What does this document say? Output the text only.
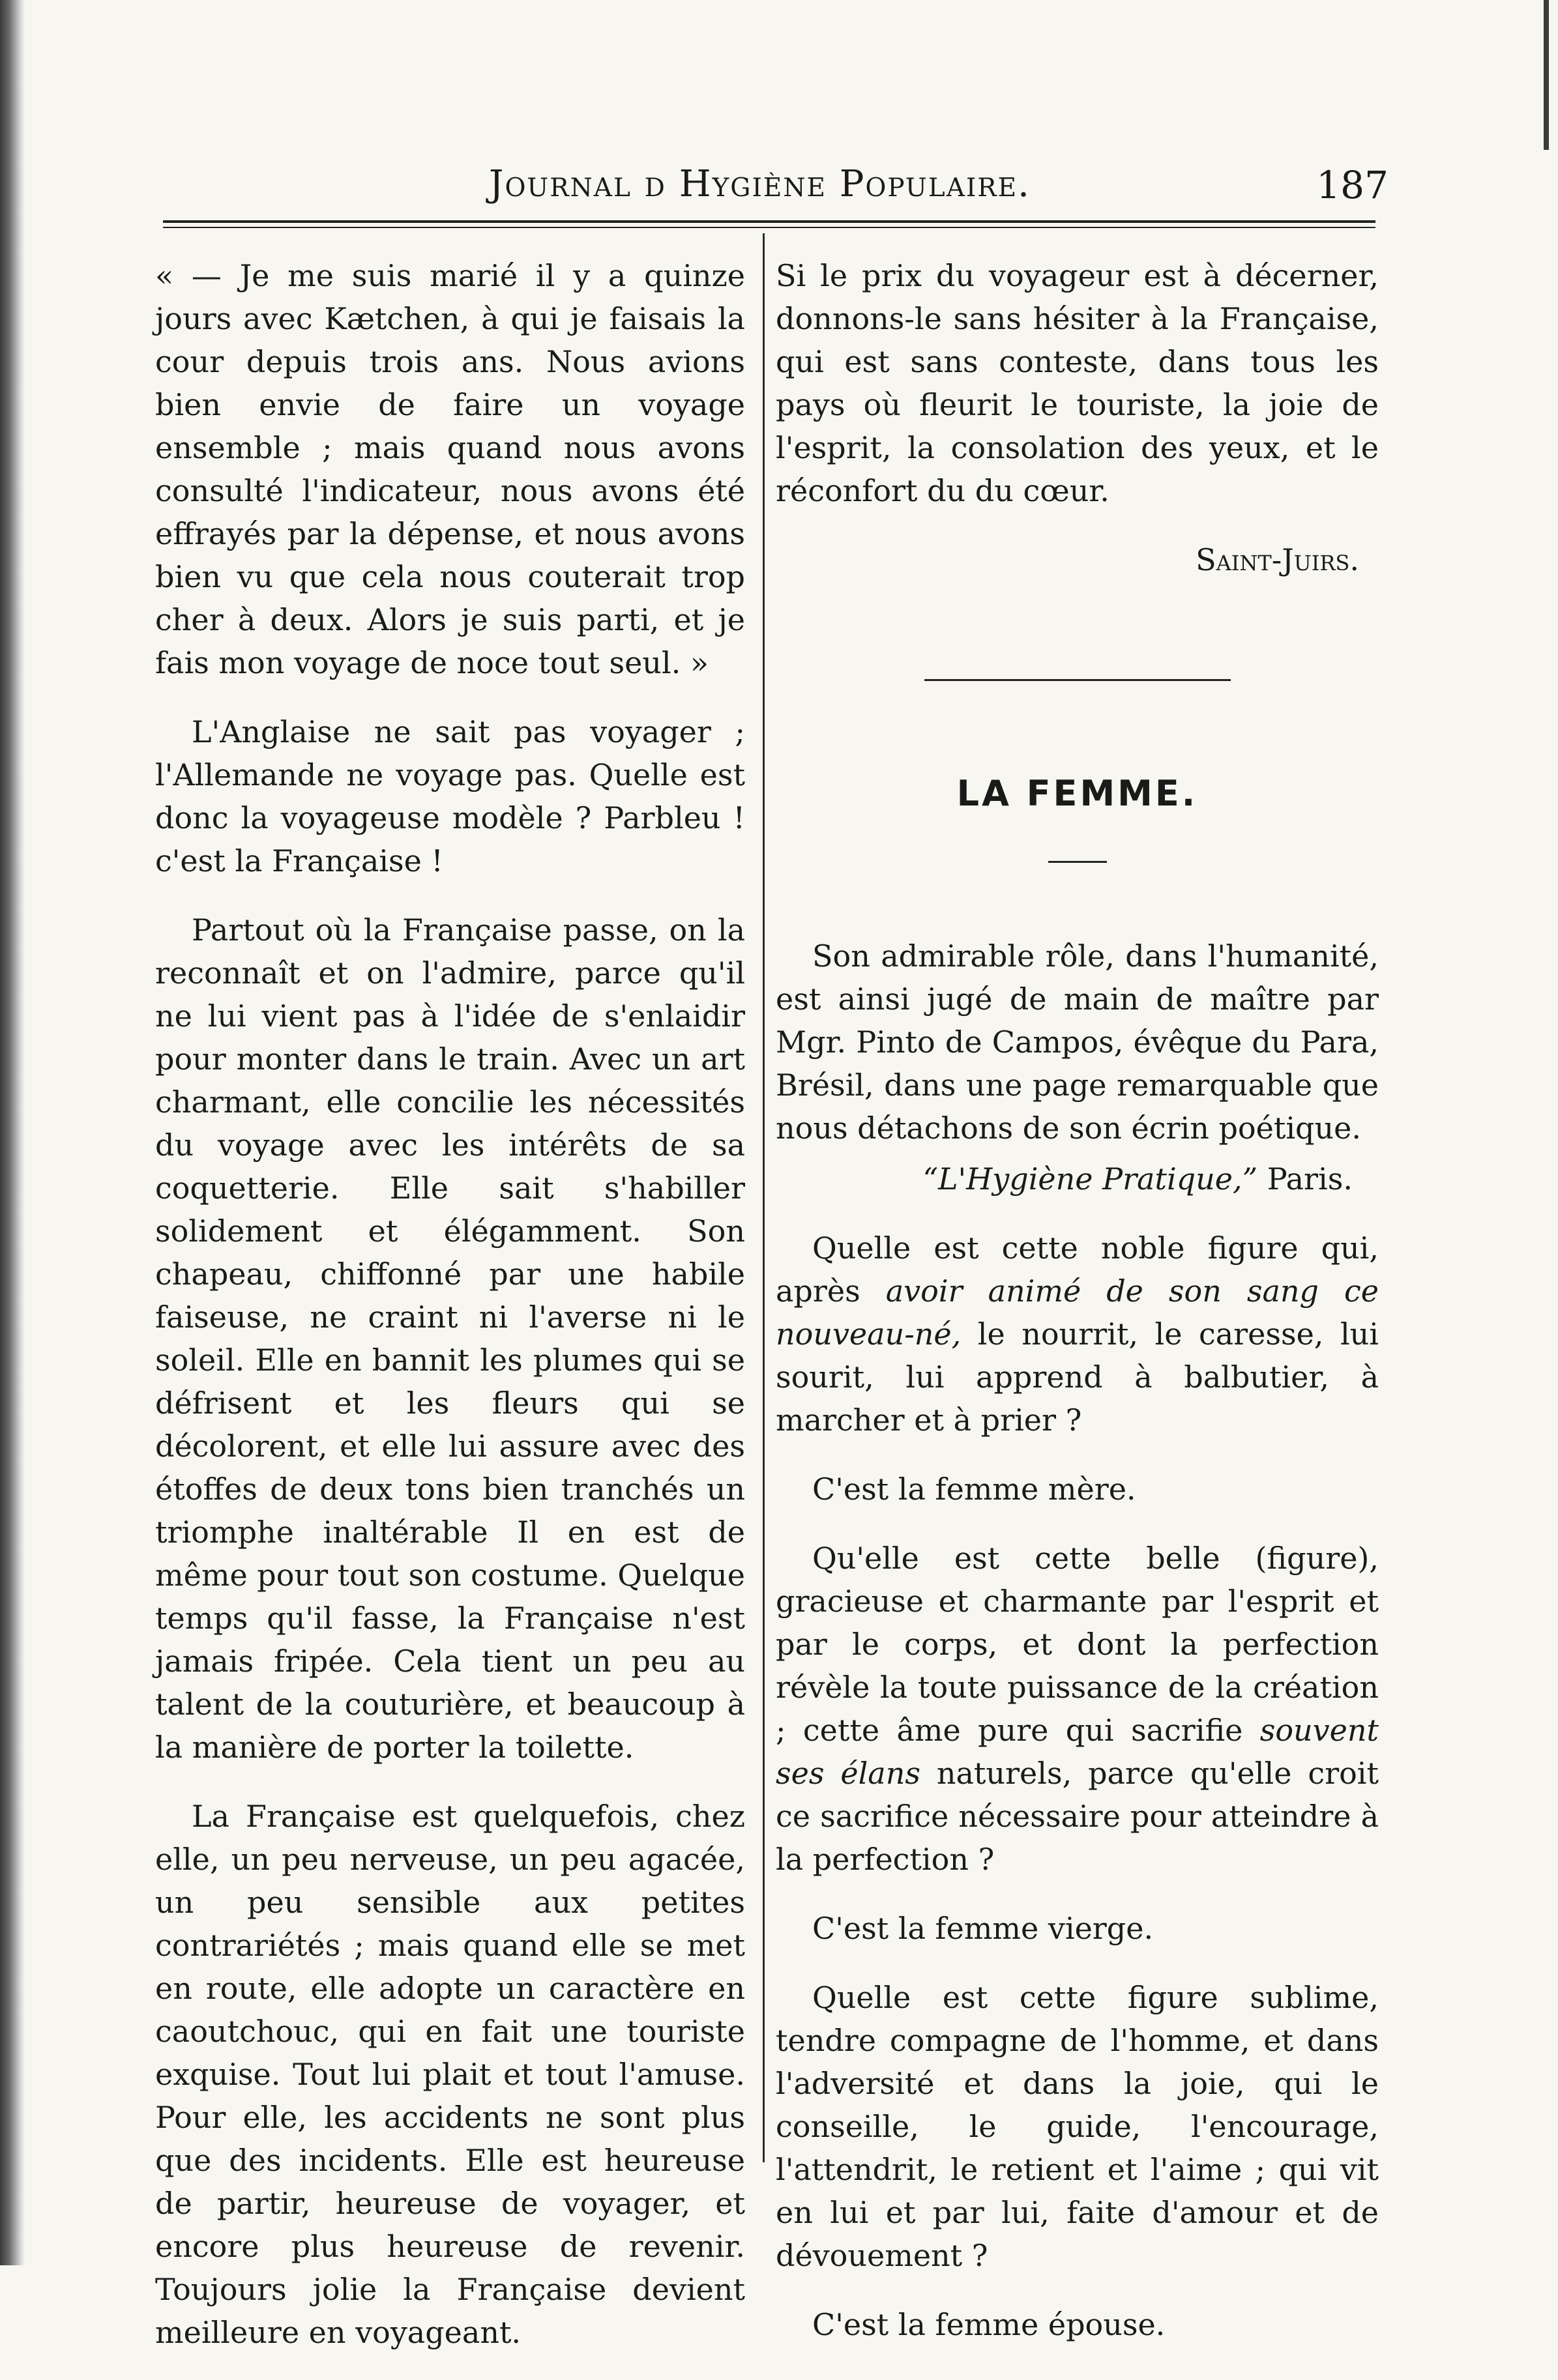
Journal d Hygiène Populaire.	187

« — Je me suis marié il y a quinze jours avec Kætchen, à qui je faisais la cour depuis trois ans. Nous avions bien envie de faire un voyage ensemble ; mais quand nous avons consulté l'indicateur, nous avons été effrayés par la dépense, et nous avons bien vu que cela nous couterait trop cher à deux. Alors je suis parti, et je fais mon voyage de noce tout seul. »

L'Anglaise ne sait pas voyager ; l'Allemande ne voyage pas. Quelle est donc la voyageuse modèle ? Parbleu ! c'est la Française !

Partout où la Française passe, on la reconnaît et on l'admire, parce qu'il ne lui vient pas à l'idée de s'enlaidir pour monter dans le train. Avec un art charmant, elle concilie les nécessités du voyage avec les intérêts de sa coquetterie. Elle sait s'habiller solidement et élégamment. Son chapeau, chiffonné par une habile faiseuse, ne craint ni l'averse ni le soleil. Elle en bannit les plumes qui se défrisent et les fleurs qui se décolorent, et elle lui assure avec des étoffes de deux tons bien tranchés un triomphe inaltérable Il en est de même pour tout son costume. Quelque temps qu'il fasse, la Française n'est jamais fripée. Cela tient un peu au talent de la couturière, et beaucoup à la manière de porter la toilette.

La Française est quelquefois, chez elle, un peu nerveuse, un peu agacée, un peu sensible aux petites contrariétés ; mais quand elle se met en route, elle adopte un caractère en caoutchouc, qui en fait une touriste exquise. Tout lui plait et tout l'amuse. Pour elle, les accidents ne sont plus que des incidents. Elle est heureuse de partir, heureuse de voyager, et encore plus heureuse de revenir. Toujours jolie la Française devient meilleure en voyageant.

Si le prix du voyageur est à décerner, donnons-le sans hésiter à la Française, qui est sans conteste, dans tous les pays où fleurit le touriste, la joie de l'esprit, la consolation des yeux, et le réconfort du du cœur.

Saint-Juirs.
LA FEMME.

Son admirable rôle, dans l'humanité, est ainsi jugé de main de maître par Mgr. Pinto de Campos, évêque du Para, Brésil, dans une page remarquable que nous détachons de son écrin poétique.

“L'Hygiène Pratique,” Paris.

Quelle est cette noble figure qui, après avoir animé de son sang ce nouveau-né, le nourrit, le caresse, lui sourit, lui apprend à balbutier, à marcher et à prier ?

C'est la femme mère.

Qu'elle est cette belle (figure), gracieuse et charmante par l'esprit et par le corps, et dont la perfection révèle la toute puissance de la création ; cette âme pure qui sacrifie souvent ses élans naturels, parce qu'elle croit ce sacrifice nécessaire pour atteindre à la perfection ?

C'est la femme vierge.

Quelle est cette figure sublime, tendre compagne de l'homme, et dans l'adversité et dans la joie, qui le conseille, le guide, l'encourage, l'attendrit, le retient et l'aime ; qui vit en lui et par lui, faite d'amour et de dévouement ?

C'est la femme épouse.
